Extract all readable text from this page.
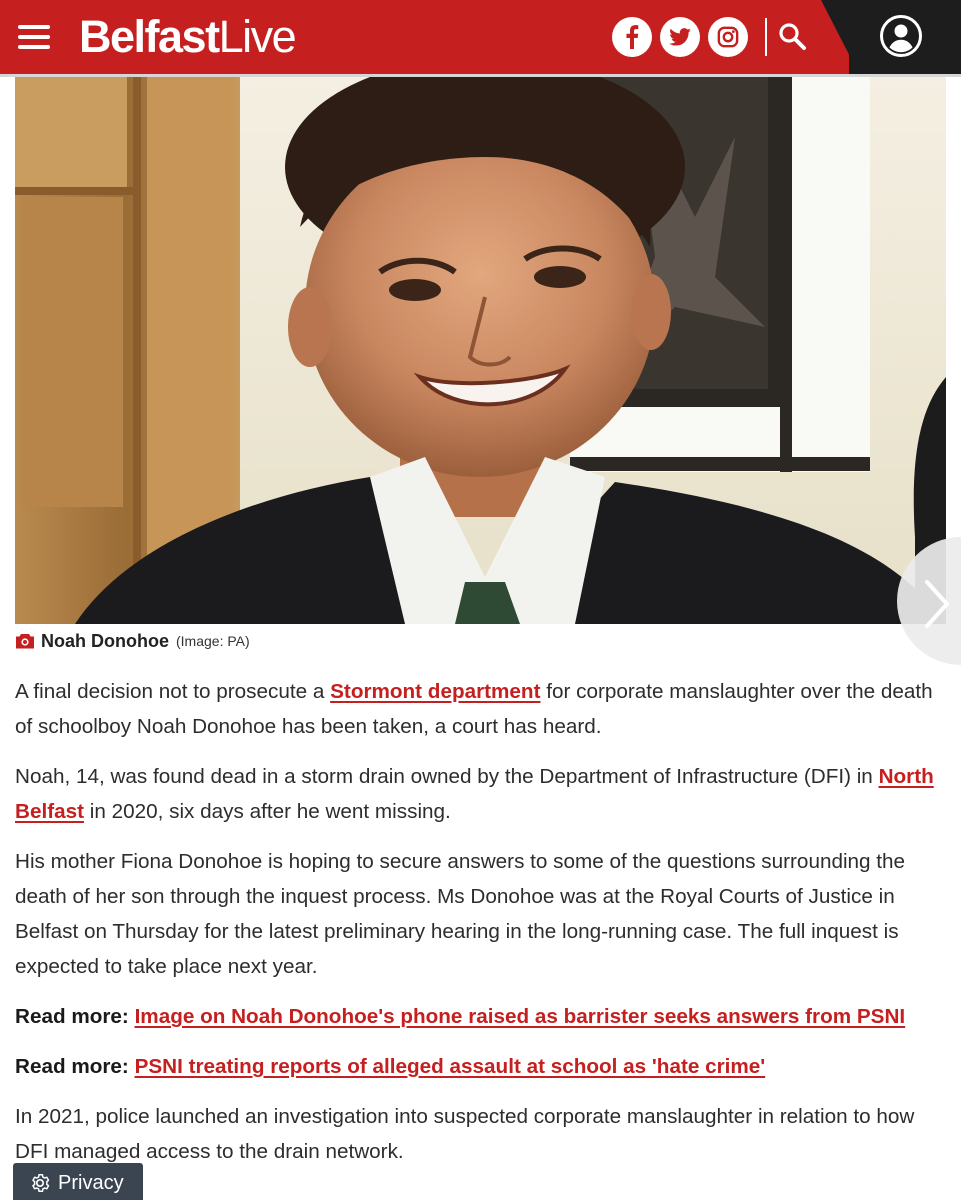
BelfastLive
Noah Donohoe (Image: PA)

A final decision not to prosecute a Stormont department for corporate manslaughter over the death of schoolboy Noah Donohoe has been taken, a court has heard.

Noah, 14, was found dead in a storm drain owned by the Department of Infrastructure (DFI) in North Belfast in 2020, six days after he went missing.

His mother Fiona Donohoe is hoping to secure answers to some of the questions surrounding the death of her son through the inquest process. Ms Donohoe was at the Royal Courts of Justice in Belfast on Thursday for the latest preliminary hearing in the long-running case. The full inquest is expected to take place next year.

Read more: Image on Noah Donohoe's phone raised as barrister seeks answers from PSNI

Read more: PSNI treating reports of alleged assault at school as 'hate crime'

In 2021, police launched an investigation into suspected corporate manslaughter in relation to how DFI managed access to the drain network.

Privacy
